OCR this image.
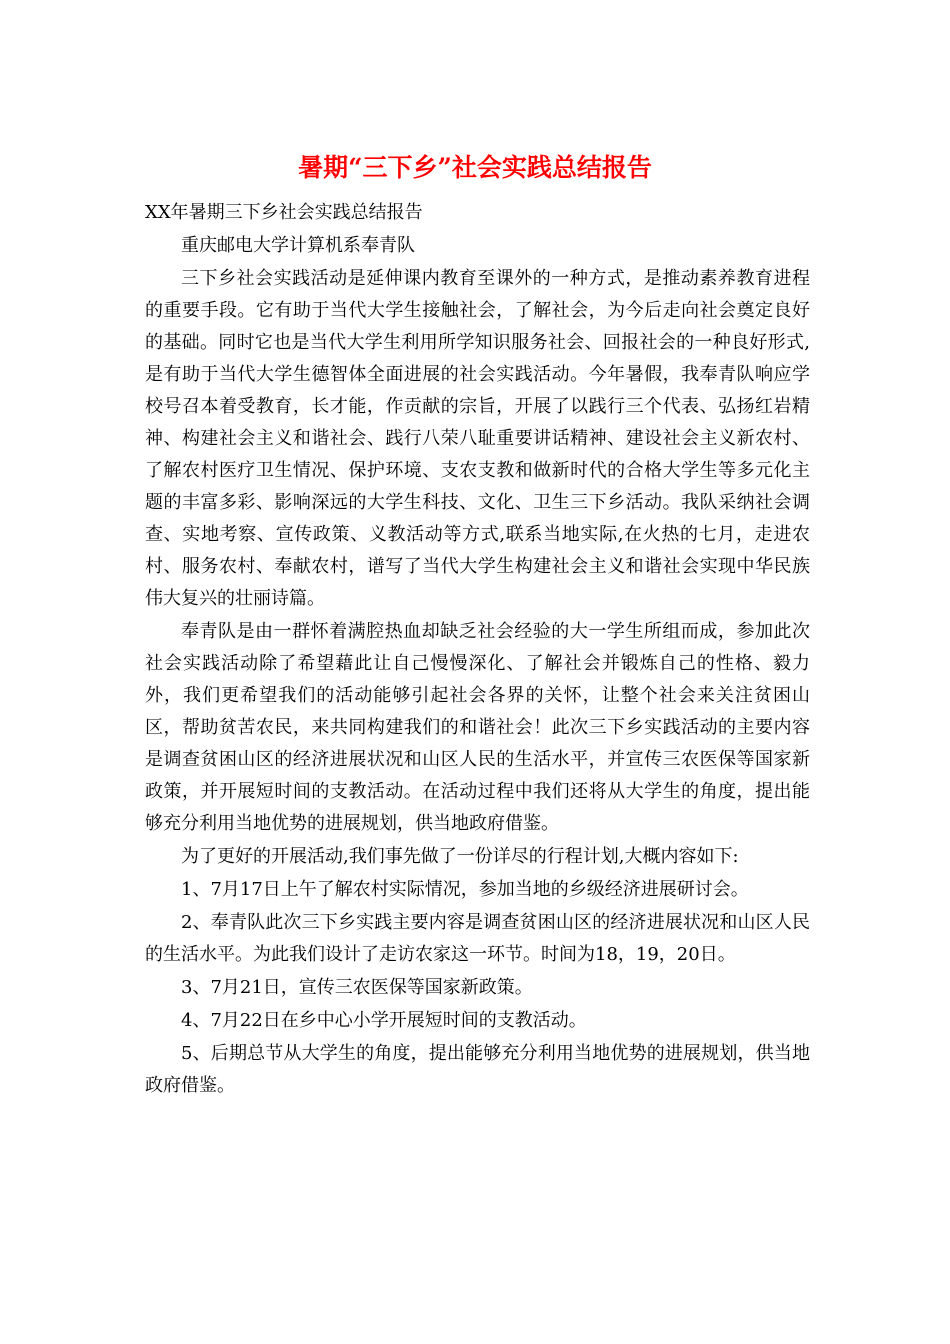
暑期“三下乡”社会实践总结报告

XX年暑期三下乡社会实践总结报告

重庆邮电大学计算机系奉青队

三下乡社会实践活动是延伸课内教育至课外的一种方式，是推动素养教育进程的重要手段。它有助于当代大学生接触社会，了解社会，为今后走向社会奠定良好的基础。同时它也是当代大学生利用所学知识服务社会、回报社会的一种良好形式,是有助于当代大学生德智体全面进展的社会实践活动。今年暑假，我奉青队响应学校号召本着受教育，长才能，作贡献的宗旨，开展了以践行三个代表、弘扬红岩精神、构建社会主义和谐社会、践行八荣八耻重要讲话精神、建设社会主义新农村、了解农村医疗卫生情况、保护环境、支农支教和做新时代的合格大学生等多元化主题的丰富多彩、影响深远的大学生科技、文化、卫生三下乡活动。我队采纳社会调查、实地考察、宣传政策、义教活动等方式,联系当地实际,在火热的七月，走进农村、服务农村、奉献农村，谱写了当代大学生构建社会主义和谐社会实现中华民族伟大复兴的壮丽诗篇。

奉青队是由一群怀着满腔热血却缺乏社会经验的大一学生所组而成，参加此次社会实践活动除了希望藉此让自己慢慢深化、了解社会并锻炼自己的性格、毅力外，我们更希望我们的活动能够引起社会各界的关怀，让整个社会来关注贫困山区，帮助贫苦农民，来共同构建我们的和谐社会！此次三下乡实践活动的主要内容是调查贫困山区的经济进展状况和山区人民的生活水平，并宣传三农医保等国家新政策，并开展短时间的支教活动。在活动过程中我们还将从大学生的角度，提出能够充分利用当地优势的进展规划，供当地政府借鉴。

为了更好的开展活动,我们事先做了一份详尽的行程计划,大概内容如下:

1、7月17日上午了解农村实际情况，参加当地的乡级经济进展研讨会。

2、奉青队此次三下乡实践主要内容是调查贫困山区的经济进展状况和山区人民的生活水平。为此我们设计了走访农家这一环节。时间为18，19，20日。

3、7月21日，宣传三农医保等国家新政策。

4、7月22日在乡中心小学开展短时间的支教活动。

5、后期总节从大学生的角度，提出能够充分利用当地优势的进展规划，供当地政府借鉴。
